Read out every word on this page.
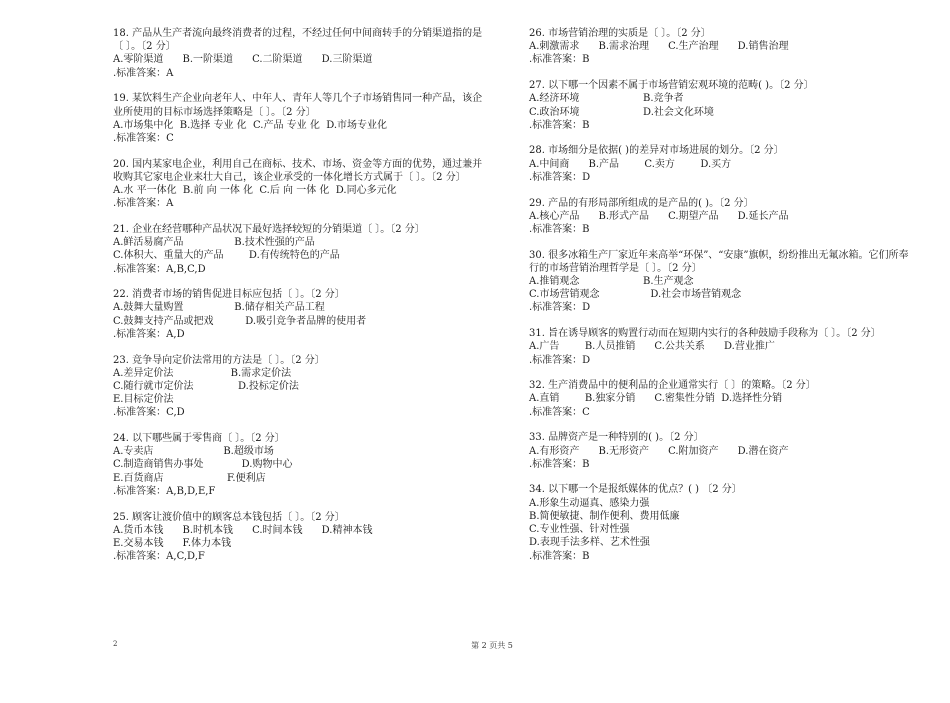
18. 产品从生产者流向最终消费者的过程，不经过任何中间商转手的分销渠道指的是〔 〕。〔2 分〕
A.零阶渠道      B.一阶渠道      C.二阶渠道      D.三阶渠道
.标准答案：A
19. 某饮料生产企业向老年人、中年人、青年人等几个子市场销售同一种产品，该企业所使用的目标市场选择策略是〔 〕。〔2 分〕
A.市场集中化  B.选择 专业 化  C.产品 专业 化  D.市场专业化
.标准答案：C
20. 国内某家电企业，利用自己在商标、技术、市场、资金等方面的优势，通过兼并收购其它家电企业来壮大自己，该企业承受的一体化增长方式属于〔 〕。〔2 分〕
A.水 平一体化  B.前 向 一体 化  C.后 向 一体 化  D.同心多元化
.标准答案：A
21. 企业在经营哪种产品状况下最好选择较短的分销渠道〔 〕。〔2 分〕
A.鲜活易腐产品                B.技术性强的产品
C.体积大、重量大的产品        D.有传统特色的产品
.标准答案：A,B,C,D
22. 消费者市场的销售促进目标应包括〔 〕。〔2 分〕
A.鼓舞大量购置                B.储存相关产品工程
C.鼓舞支持产品或把戏          D.吸引竞争者品牌的使用者
.标准答案：A,D
23. 竞争导向定价法常用的方法是〔 〕。〔2 分〕
A.差异定价法                  B.需求定价法
C.随行就市定价法              D.投标定价法
E.目标定价法
.标准答案：C,D
24. 以下哪些属于零售商〔 〕。〔2 分〕
A.专卖店                      B.超级市场
C.制造商销售办事处            D.购物中心
E.百货商店                    F.便利店
.标准答案：A,B,D,E,F
25. 顾客让渡价值中的顾客总本钱包括〔 〕。〔2 分〕
A.货币本钱      B.时机本钱      C.时间本钱      D.精神本钱
E.交易本钱      F.体力本钱
.标准答案：A,C,D,F
26. 市场营销治理的实质是〔 〕。〔2 分〕
A.刺激需求      B.需求治理      C.生产治理      D.销售治理
.标准答案：B
27. 以下哪一个因素不属于市场营销宏观环境的范畴( )。〔2 分〕
A.经济环境                    B.竞争者
C.政治环境                    D.社会文化环境
.标准答案：B
28. 市场细分是依据( )的差异对市场进展的划分。〔2 分〕
A.中间商      B.产品        C.卖方        D.买方
.标准答案：D
29. 产品的有形局部所组成的是产品的( )。〔2 分〕
A.核心产品      B.形式产品      C.期望产品      D.延长产品
.标准答案：B
30. 很多冰箱生产厂家近年来高举“环保”、“安康”旗帜，纷纷推出无氟冰箱。它们所奉行的市场营销治理哲学是〔 〕。〔2 分〕
A.推销观念                    B.生产观念
C.市场营销观念                D.社会市场营销观念
.标准答案：D
31. 旨在诱导顾客的购置行动而在短期内实行的各种鼓励手段称为〔 〕。〔2 分〕
A.广告        B.人员推销      C.公共关系      D.营业推广
.标准答案：D
32. 生产消费品中的便利品的企业通常实行〔 〕的策略。〔2 分〕
A.直销        B.独家分销      C.密集性分销  D.选择性分销
.标准答案：C
33. 品牌资产是一种特别的( )。〔2 分〕
A.有形资产      B.无形资产      C.附加资产      D.潜在资产
.标准答案：B
34. 以下哪一个是报纸媒体的优点？( ) 〔2 分〕
A.形象生动逼真、感染力强
B.简便敏捷、制作便利、费用低廉
C.专业性强、针对性强
D.表现手法多样、艺术性强
.标准答案：B
2	第 2 页共 5
